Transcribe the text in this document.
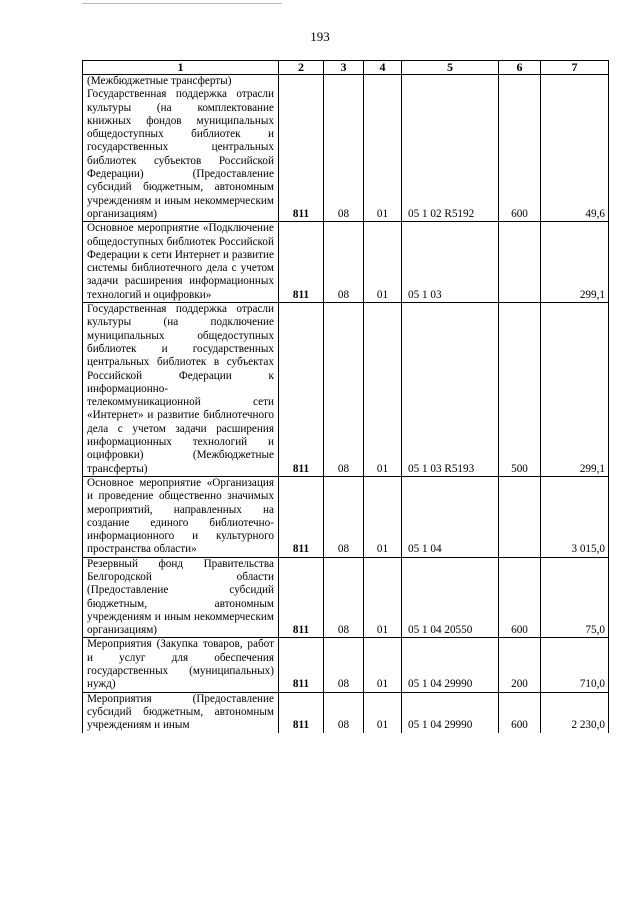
193
1	2	3	4	5	6	7
(Межбюджетные трансферты)
Государственная поддержка отрасли культуры (на комплектование книжных фондов муниципальных общедоступных библиотек и государственных центральных библиотек субъектов Российской Федерации) (Предоставление субсидий бюджетным, автономным учреждениям и иным некоммерческим организациям)	811	08	01	05 1 02 R5192	600	49,6
Основное мероприятие «Подключение общедоступных библиотек Российской Федерации к сети Интернет и развитие системы библиотечного дела с учетом задачи расширения информационных технологий и оцифровки»	811	08	01	05 1 03		299,1
Государственная поддержка отрасли культуры (на подключение муниципальных общедоступных библиотек и государственных центральных библиотек в субъектах Российской Федерации к информационно-телекоммуникационной сети «Интернет» и развитие библиотечного дела с учетом задачи расширения информационных технологий и оцифровки) (Межбюджетные трансферты)	811	08	01	05 1 03 R5193	500	299,1
Основное мероприятие «Организация и проведение общественно значимых мероприятий, направленных на создание единого библиотечно-информационного и культурного пространства области»	811	08	01	05 1 04		3 015,0
Резервный фонд Правительства Белгородской области (Предоставление субсидий бюджетным, автономным учреждениям и иным некоммерческим организациям)	811	08	01	05 1 04 20550	600	75,0
Мероприятия (Закупка товаров, работ и услуг для обеспечения государственных (муниципальных) нужд)	811	08	01	05 1 04 29990	200	710,0
Мероприятия (Предоставление субсидий бюджетным, автономным учреждениям и иным	811	08	01	05 1 04 29990	600	2 230,0
